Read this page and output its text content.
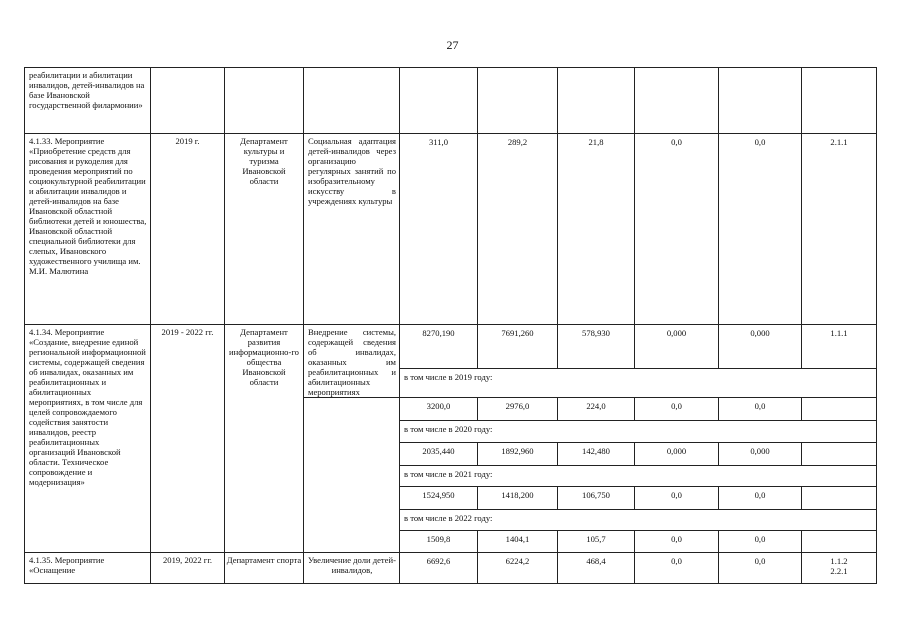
27
реабилитации и абилитации инвалидов, детей-инвалидов на базе Ивановской государственной филармонии»									
4.1.33. Мероприятие «Приобретение средств для рисования и рукоделия для проведения мероприятий по социокультурной реабилитации и абилитации инвалидов и детей-инвалидов на базе Ивановской областной библиотеки детей и юношества, Ивановской областной специальной библиотеки для слепых, Ивановского художественного училища им. М.И. Малютина	2019 г.	Департамент культуры и туризма Ивановской области	Социальная адаптация детей-инвалидов через организацию регулярных занятий по изобразительному искусству в учреждениях культуры	311,0	289,2	21,8	0,0	0,0	2.1.1
4.1.34. Мероприятие «Создание, внедрение единой региональной информационной системы, содержащей сведения об инвалидах, оказанных им реабилитационных и абилитационных мероприятиях, в том числе для целей сопровождаемого содействия занятости инвалидов, реестр реабилитационных организаций Ивановской области. Техническое сопровождение и модернизация»	2019 - 2022 гг.	Департамент развития информационно-го общества Ивановской области	Внедрение системы, содержащей сведения об инвалидах, оказанных им реабилитационных и абилитационных мероприятиях	8270,190	7691,260	578,930	0,000	0,000	1.1.1
				в том числе в 2019 году:					
				3200,0	2976,0	224,0	0,0	0,0	
				в том числе в 2020 году:					
				2035,440	1892,960	142,480	0,000	0,000	
				в том числе в 2021 году:					
				1524,950	1418,200	106,750	0,0	0,0	
				в том числе в 2022 году:					
				1509,8	1404,1	105,7	0,0	0,0	
4.1.35. Мероприятие «Оснащение	2019, 2022 гг.	Департамент спорта	Увеличение доли детей-инвалидов,	6692,6	6224,2	468,4	0,0	0,0	1.1.2
2.2.1
